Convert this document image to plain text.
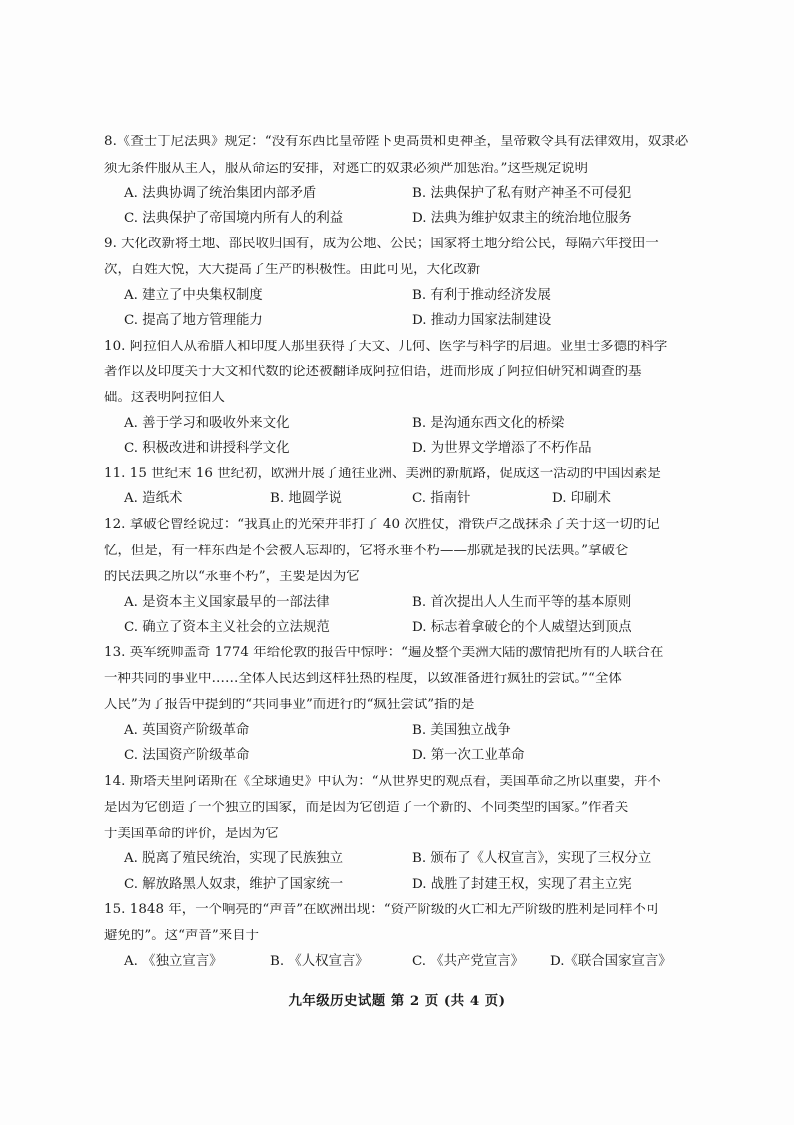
8.《查士丁尼法典》规定：“没有东西比皇帝陛下更高贵和更神圣，皇帝敕令具有法律效用，奴隶必
须无条件服从主人，服从命运的安排，对逃亡的奴隶必须严加惩治。”这些规定说明
A. 法典协调了统治集团内部矛盾	B. 法典保护了私有财产神圣不可侵犯
C. 法典保护了帝国境内所有人的利益	D. 法典为维护奴隶主的统治地位服务
9. 大化改新将土地、部民收归国有，成为公地、公民；国家将土地分给公民，每隔六年授田一
次，百姓大悦，大大提高了生产的积极性。由此可见，大化改新
A. 建立了中央集权制度	B. 有利于推动经济发展
C. 提高了地方管理能力	D. 推动力国家法制建设
10. 阿拉伯人从希腊人和印度人那里获得了天文、几何、医学与科学的启迪。亚里士多德的科学
著作以及印度关于天文和代数的论述被翻译成阿拉伯语，进而形成了阿拉伯研究和调查的基
础。这表明阿拉伯人
A. 善于学习和吸收外来文化	B. 是沟通东西文化的桥梁
C. 积极改进和讲授科学文化	D. 为世界文学增添了不朽作品
11. 15 世纪末 16 世纪初，欧洲开展了通往亚洲、美洲的新航路，促成这一活动的中国因素是
A. 造纸术	B. 地圆学说	C. 指南针	D. 印刷术
12. 拿破仑曾经说过：“我真正的光荣并非打了 40 次胜仗，滑铁卢之战抹杀了关于这一切的记
忆，但是，有一样东西是不会被人忘却的，它将永垂不朽——那就是我的民法典。”拿破仑
的民法典之所以“永垂不朽”，主要是因为它
A. 是资本主义国家最早的一部法律	B. 首次提出人人生而平等的基本原则
C. 确立了资本主义社会的立法规范	D. 标志着拿破仑的个人威望达到顶点
13. 英军统帅盖奇 1774 年给伦敦的报告中惊呼：“遍及整个美洲大陆的激情把所有的人联合在
一种共同的事业中……全体人民达到这样狂热的程度，以致准备进行疯狂的尝试。”“全体
人民”为了报告中提到的“共同事业”而进行的“疯狂尝试”指的是
A. 英国资产阶级革命	B. 美国独立战争
C. 法国资产阶级革命	D. 第一次工业革命
14. 斯塔夫里阿诺斯在《全球通史》中认为：“从世界史的观点看，美国革命之所以重要，并不
是因为它创造了一个独立的国家，而是因为它创造了一个新的、不同类型的国家。”作者关
于美国革命的评价，是因为它
A. 脱离了殖民统治，实现了民族独立	B. 颁布了《人权宣言》，实现了三权分立
C. 解放路黑人奴隶，维护了国家统一	D. 战胜了封建王权，实现了君主立宪
15. 1848 年，一个响亮的“声音”在欧洲出现：“资产阶级的灭亡和无产阶级的胜利是同样不可
避免的”。这“声音”来自于
A. 《独立宣言》	B. 《人权宣言》	C. 《共产党宣言》 D.《联合国家宣言》
九年级历史试题 第 2 页 (共 4 页)
